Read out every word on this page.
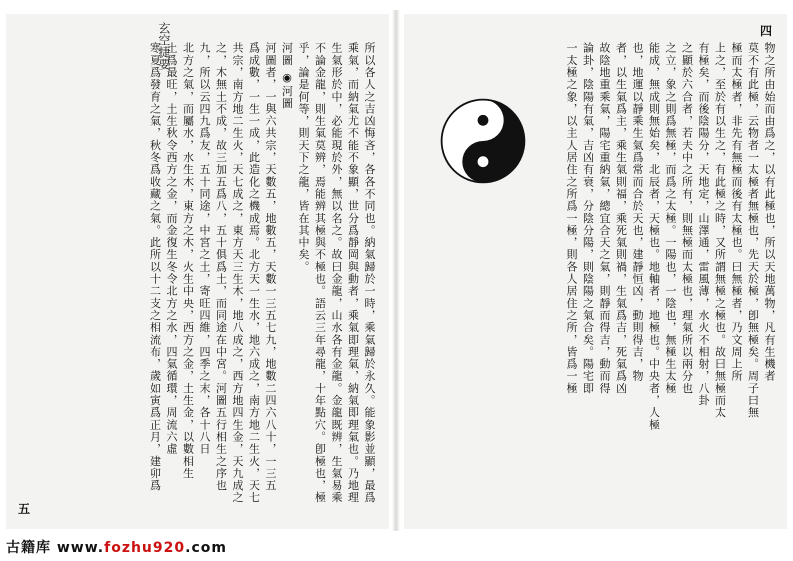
所以各人之吉凶悔吝，各各不同也。納氣歸於一時，乘氣歸於永久。能象影並顯，最爲
乘氣，而納氣尤不能不象顯，世分爲靜岡與動者，乘氣即理氣，納氣即理氣也。乃地理
生氣形於中，必能現於外，無以名之。故曰金龍，山水各有金龍。金龍既辨，生氣易乘
不論金龍，則生氣莫辨，焉能辨其極與不極也。語云三年尋龍，十年點穴。卽極也，極
乎，論是何等，則天下之龍，皆在其中矣。
河圖 ◉河圖
河圖者，一與六共宗，天數五，地數五，天數一三五七九，地數二四六八十，一三五
爲成數，一生一成，此造化之機成焉。北方天一生水，地六成之，南方地二生火，天七
共宗，南方地二生火，天七成之，東方天三生木，地八成之，西方地四生金，天九成之
之，木無土不成，故三加五爲八，五十俱爲土，而同途在中宮。河圖五行相生之序也
九，所以云四九爲友，五十同途，中宮之土，寄旺四維，四季之末，各十八日
北方之氣，而屬水，水生木，東方之木，火生中央，西方之金，土生金，以數相生
土爲最旺，土生秋令西方之金，而金復生冬令北方之水，四氣循環，周流六虛
寒夏爲發育之氣，秋冬爲收藏之氣。此所以十二支之相流布，歲如寅爲正月，建卯爲
玄空捷要
五
物之所由始而由爲之，以有此極也，所以天地萬物，凡有生機者
莫不有此極，云物者一太極者無極也，先天於極，卽無極矣。周子曰無
極而太極者，非先有無極而後有太極也。曰無極者，乃文周上所
上之，至於有以生之，有此極之時，又所謂無極之極也。故曰無極而太
有極矣，而後陰陽分，天地定，山澤通，雷風薄，水火不相射，八卦
之顯於六合者，若夫中之所有，則無極而太極也，理氣所以兩分也
之立，象之則爲無極，而爲之太極。一陽也，一陰也，無極生太極
能成，無成則無始矣，北辰者，天極也。地軸者，地極也。中央者，人極
也，地運以靜乘生氣爲常而合於天也，建靜恒凶，動則得吉，物
者，以生氣爲主，乘生氣則福，乘死氣則禍，生氣爲吉，死氣爲凶
故陰地重乘氣，陽宅重納氣，總宜合天之氣，則靜而得吉，動而得
論卦，陰陽有氣，吉凶有衰，分陰分陽，則陰陽之氣合矣。陽宅即
一太極之象，以主人居住之所爲一極，則各人居住之所，皆爲一極
四
古籍库 www.fozhu920.com
